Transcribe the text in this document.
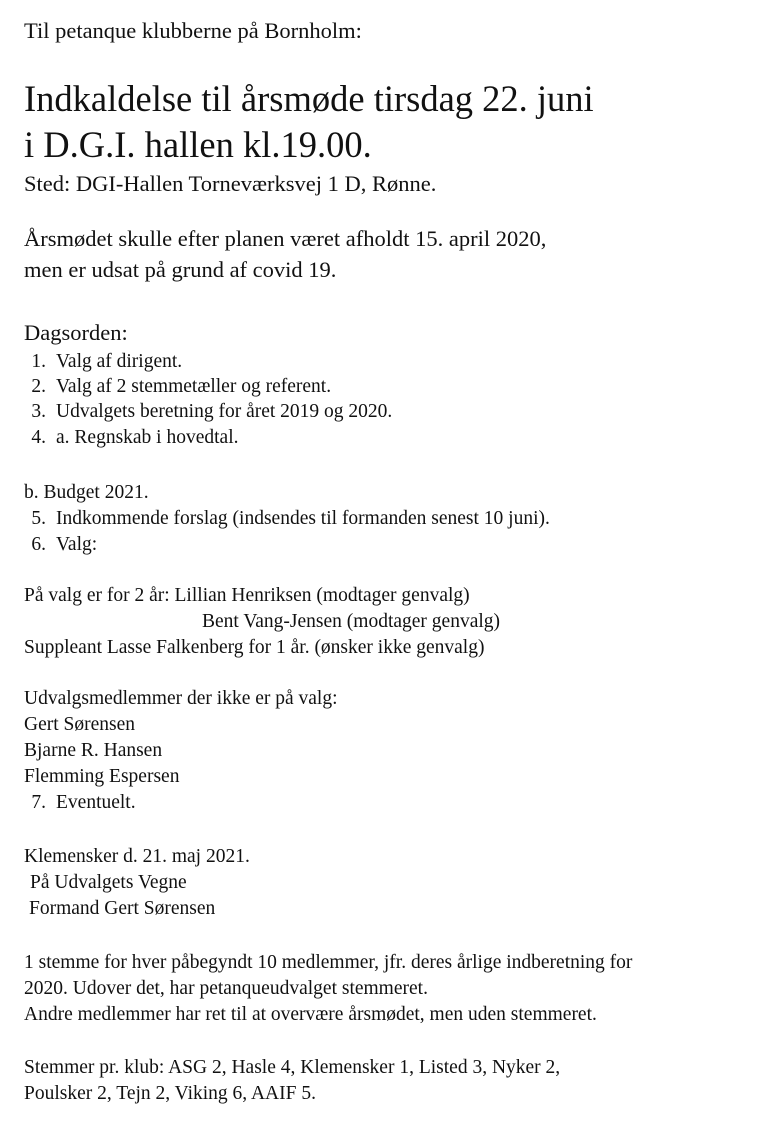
Til petanque klubberne på Bornholm:
Indkaldelse til årsmøde tirsdag 22. juni
i D.G.I. hallen kl.19.00.
Sted: DGI-Hallen Torneværksvej 1 D, Rønne.
Årsmødet skulle efter planen været afholdt 15. april 2020,
men er udsat på grund af covid 19.
Dagsorden:
1. Valg af dirigent.
2. Valg af 2 stemmetæller og referent.
3. Udvalgets beretning for året 2019 og 2020.
4. a. Regnskab i hovedtal.
b. Budget 2021.
5. Indkommende forslag (indsendes til formanden senest 10 juni).
6. Valg:
På valg er for 2 år: Lillian Henriksen (modtager genvalg)
Bent Vang-Jensen (modtager genvalg)
Suppleant Lasse Falkenberg for 1 år. (ønsker ikke genvalg)
Udvalgsmedlemmer der ikke er på valg:
Gert Sørensen
Bjarne R. Hansen
Flemming Espersen
7. Eventuelt.
Klemensker d. 21. maj 2021.
På Udvalgets Vegne
Formand Gert Sørensen
1 stemme for hver påbegyndt 10 medlemmer, jfr. deres årlige indberetning for
2020. Udover det, har petanqueudvalget stemmeret.
Andre medlemmer har ret til at overvære årsmødet, men uden stemmeret.
Stemmer pr. klub: ASG 2, Hasle 4, Klemensker 1, Listed 3, Nyker 2,
Poulsker 2, Tejn 2, Viking 6, AAIF 5.
